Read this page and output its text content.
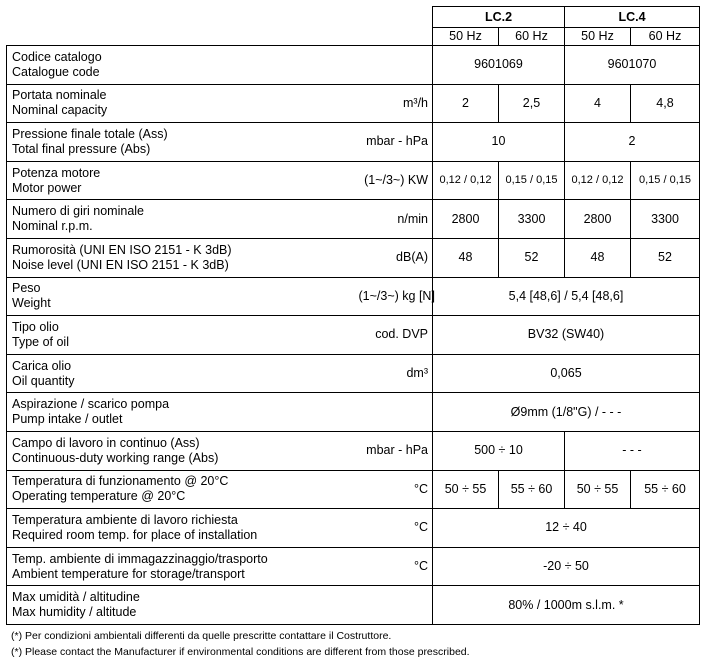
		LC.2		LC.4	
		50 Hz	60 Hz	50 Hz	60 Hz

Codice catalogo
Catalogue code		9601069		9601070	

Portata nominale
Nominal capacity	m³/h	2	2,5	4	4,8

Pressione finale totale (Ass)
Total final pressure (Abs)	mbar - hPa	10		2	

Potenza motore
Motor power	(1~/3~) KW	0,12 / 0,12	0,15 / 0,15	0,12 / 0,12	0,15 / 0,15

Numero di giri nominale
Nominal r.p.m.	n/min	2800	3300	2800	3300

Rumorosità (UNI EN ISO 2151 - K 3dB)
Noise level (UNI EN ISO 2151 - K 3dB)	dB(A)	48	52	48	52

Peso
Weight	(1~/3~) kg [N]	5,4 [48,6] / 5,4 [48,6]			

Tipo olio
Type of oil	cod. DVP	BV32 (SW40)			

Carica olio
Oil quantity	dm³	0,065			

Aspirazione / scarico pompa
Pump intake / outlet		Ø9mm (1/8"G) / - - -			

Campo di lavoro in continuo (Ass)
Continuous-duty working range (Abs)	mbar - hPa	500 ÷ 10		- - -	

Temperatura di funzionamento @ 20°C
Operating temperature @ 20°C	°C	50 ÷ 55	55 ÷ 60	50 ÷ 55	55 ÷ 60

Temperatura ambiente di lavoro richiesta
Required room temp. for place of installation	°C	12 ÷ 40			

Temp. ambiente di immagazzinaggio/trasporto
Ambient temperature for storage/transport	°C	-20 ÷ 50			

Max umidità / altitudine
Max humidity / altitude		80% / 1000m s.l.m. *			
(*) Per condizioni ambientali differenti da quelle prescritte contattare il Costruttore.
(*) Please contact the Manufacturer if environmental conditions are different from those prescribed.
